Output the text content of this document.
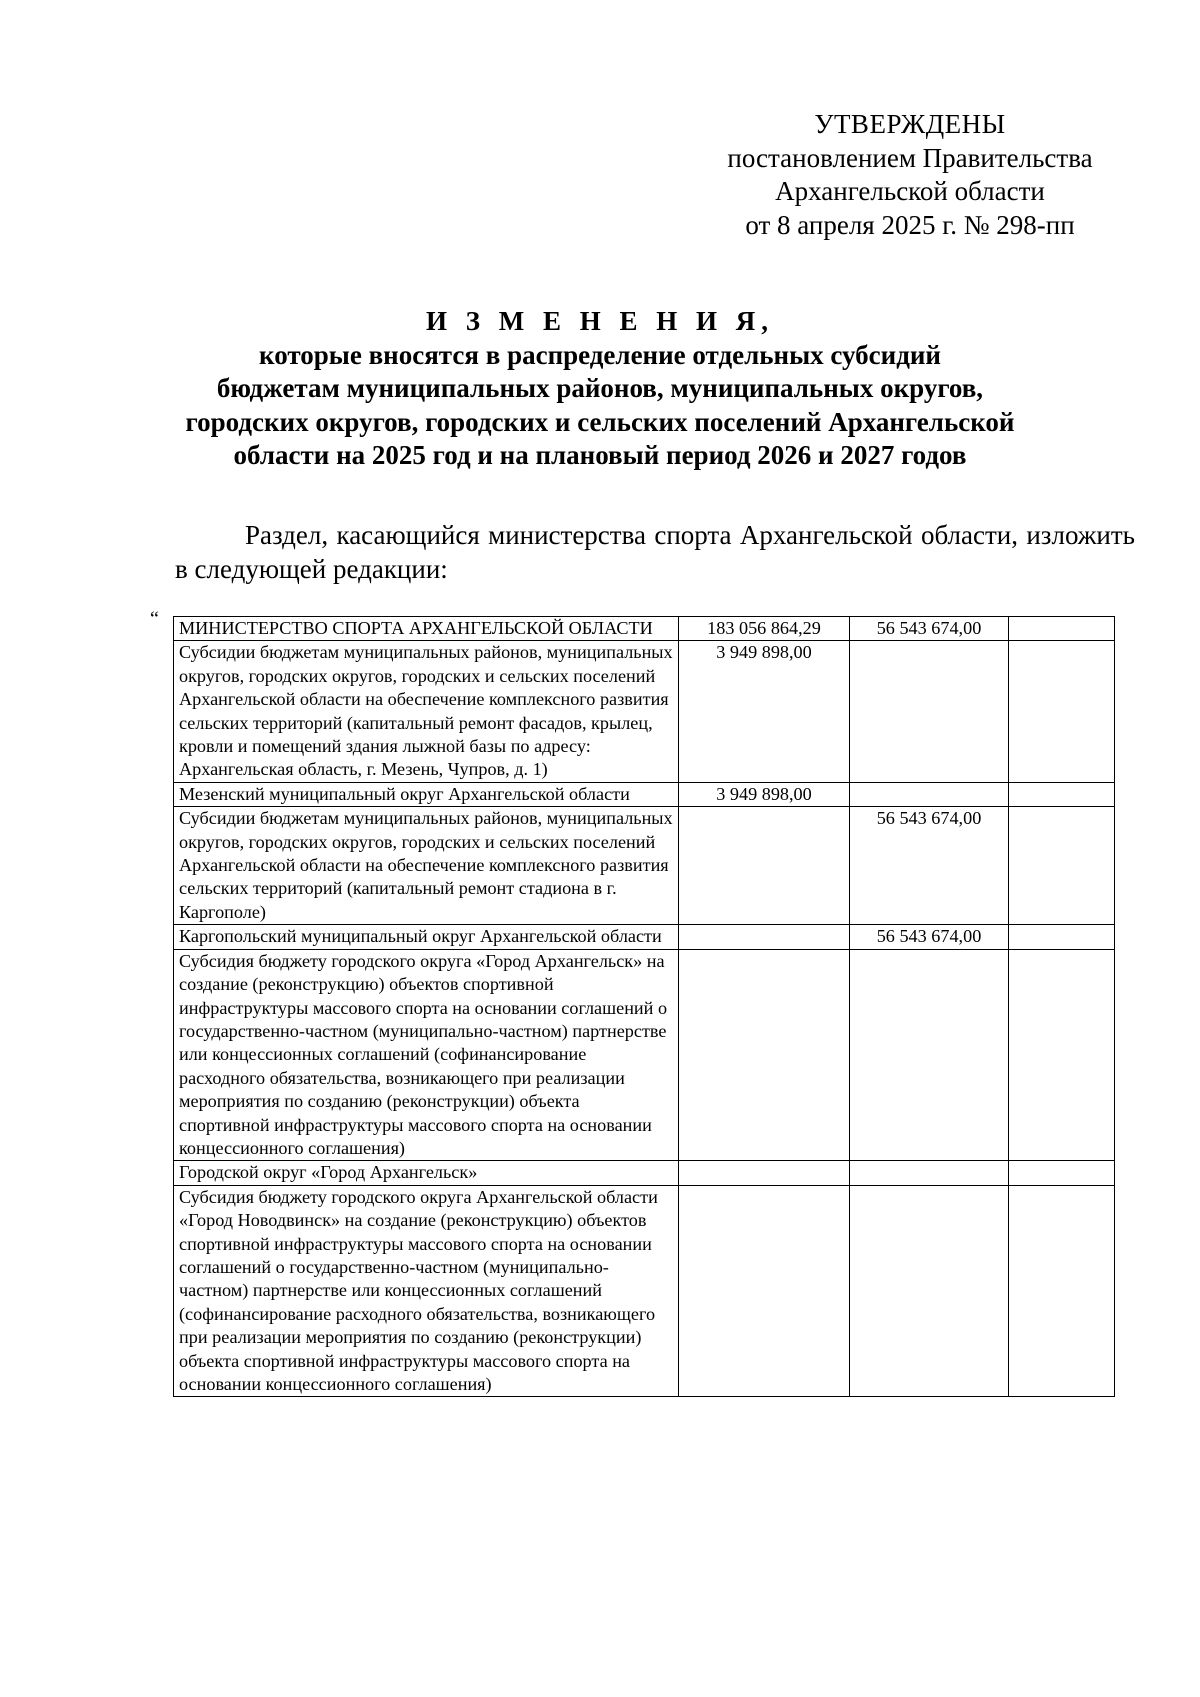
УТВЕРЖДЕНЫ
постановлением Правительства
Архангельской области
от 8 апреля 2025 г. № 298-пп
И З М Е Н Е Н И Я,
которые вносятся в распределение отдельных субсидий
бюджетам муниципальных районов, муниципальных округов,
городских округов, городских и сельских поселений Архангельской
области на 2025 год и на плановый период 2026 и 2027 годов
Раздел, касающийся министерства спорта Архангельской области, изложить в следующей редакции:
“ МИНИСТЕРСТВО СПОРТА АРХАНГЕЛЬСКОЙ ОБЛАСТИ	183 056 864,29	56 543 674,00	
Субсидии бюджетам муниципальных районов, муниципальных округов, городских округов, городских и сельских поселений Архангельской области на обеспечение комплексного развития сельских территорий (капитальный ремонт фасадов, крылец, кровли и помещений здания лыжной базы по адресу: Архангельская область, г. Мезень, Чупров, д. 1)	3 949 898,00		
Мезенский муниципальный округ Архангельской области	3 949 898,00		
Субсидии бюджетам муниципальных районов, муниципальных округов, городских округов, городских и сельских поселений Архангельской области на обеспечение комплексного развития сельских территорий (капитальный ремонт стадиона в г. Каргополе)		56 543 674,00	
Каргопольский муниципальный округ Архангельской области		56 543 674,00	
Субсидия бюджету городского округа «Город Архангельск» на создание (реконструкцию) объектов спортивной инфраструктуры массового спорта на основании соглашений о государственно-частном (муниципально-частном) партнерстве или концессионных соглашений (софинансирование расходного обязательства, возникающего при реализации мероприятия по созданию (реконструкции) объекта спортивной инфраструктуры массового спорта на основании концессионного соглашения)			
Городской округ «Город Архангельск»			
Субсидия бюджету городского округа Архангельской области «Город Новодвинск» на создание (реконструкцию) объектов спортивной инфраструктуры массового спорта на основании соглашений о государственно-частном (муниципально-частном) партнерстве или концессионных соглашений (софинансирование расходного обязательства, возникающего при реализации мероприятия по созданию (реконструкции) объекта спортивной инфраструктуры массового спорта на основании концессионного соглашения)			
